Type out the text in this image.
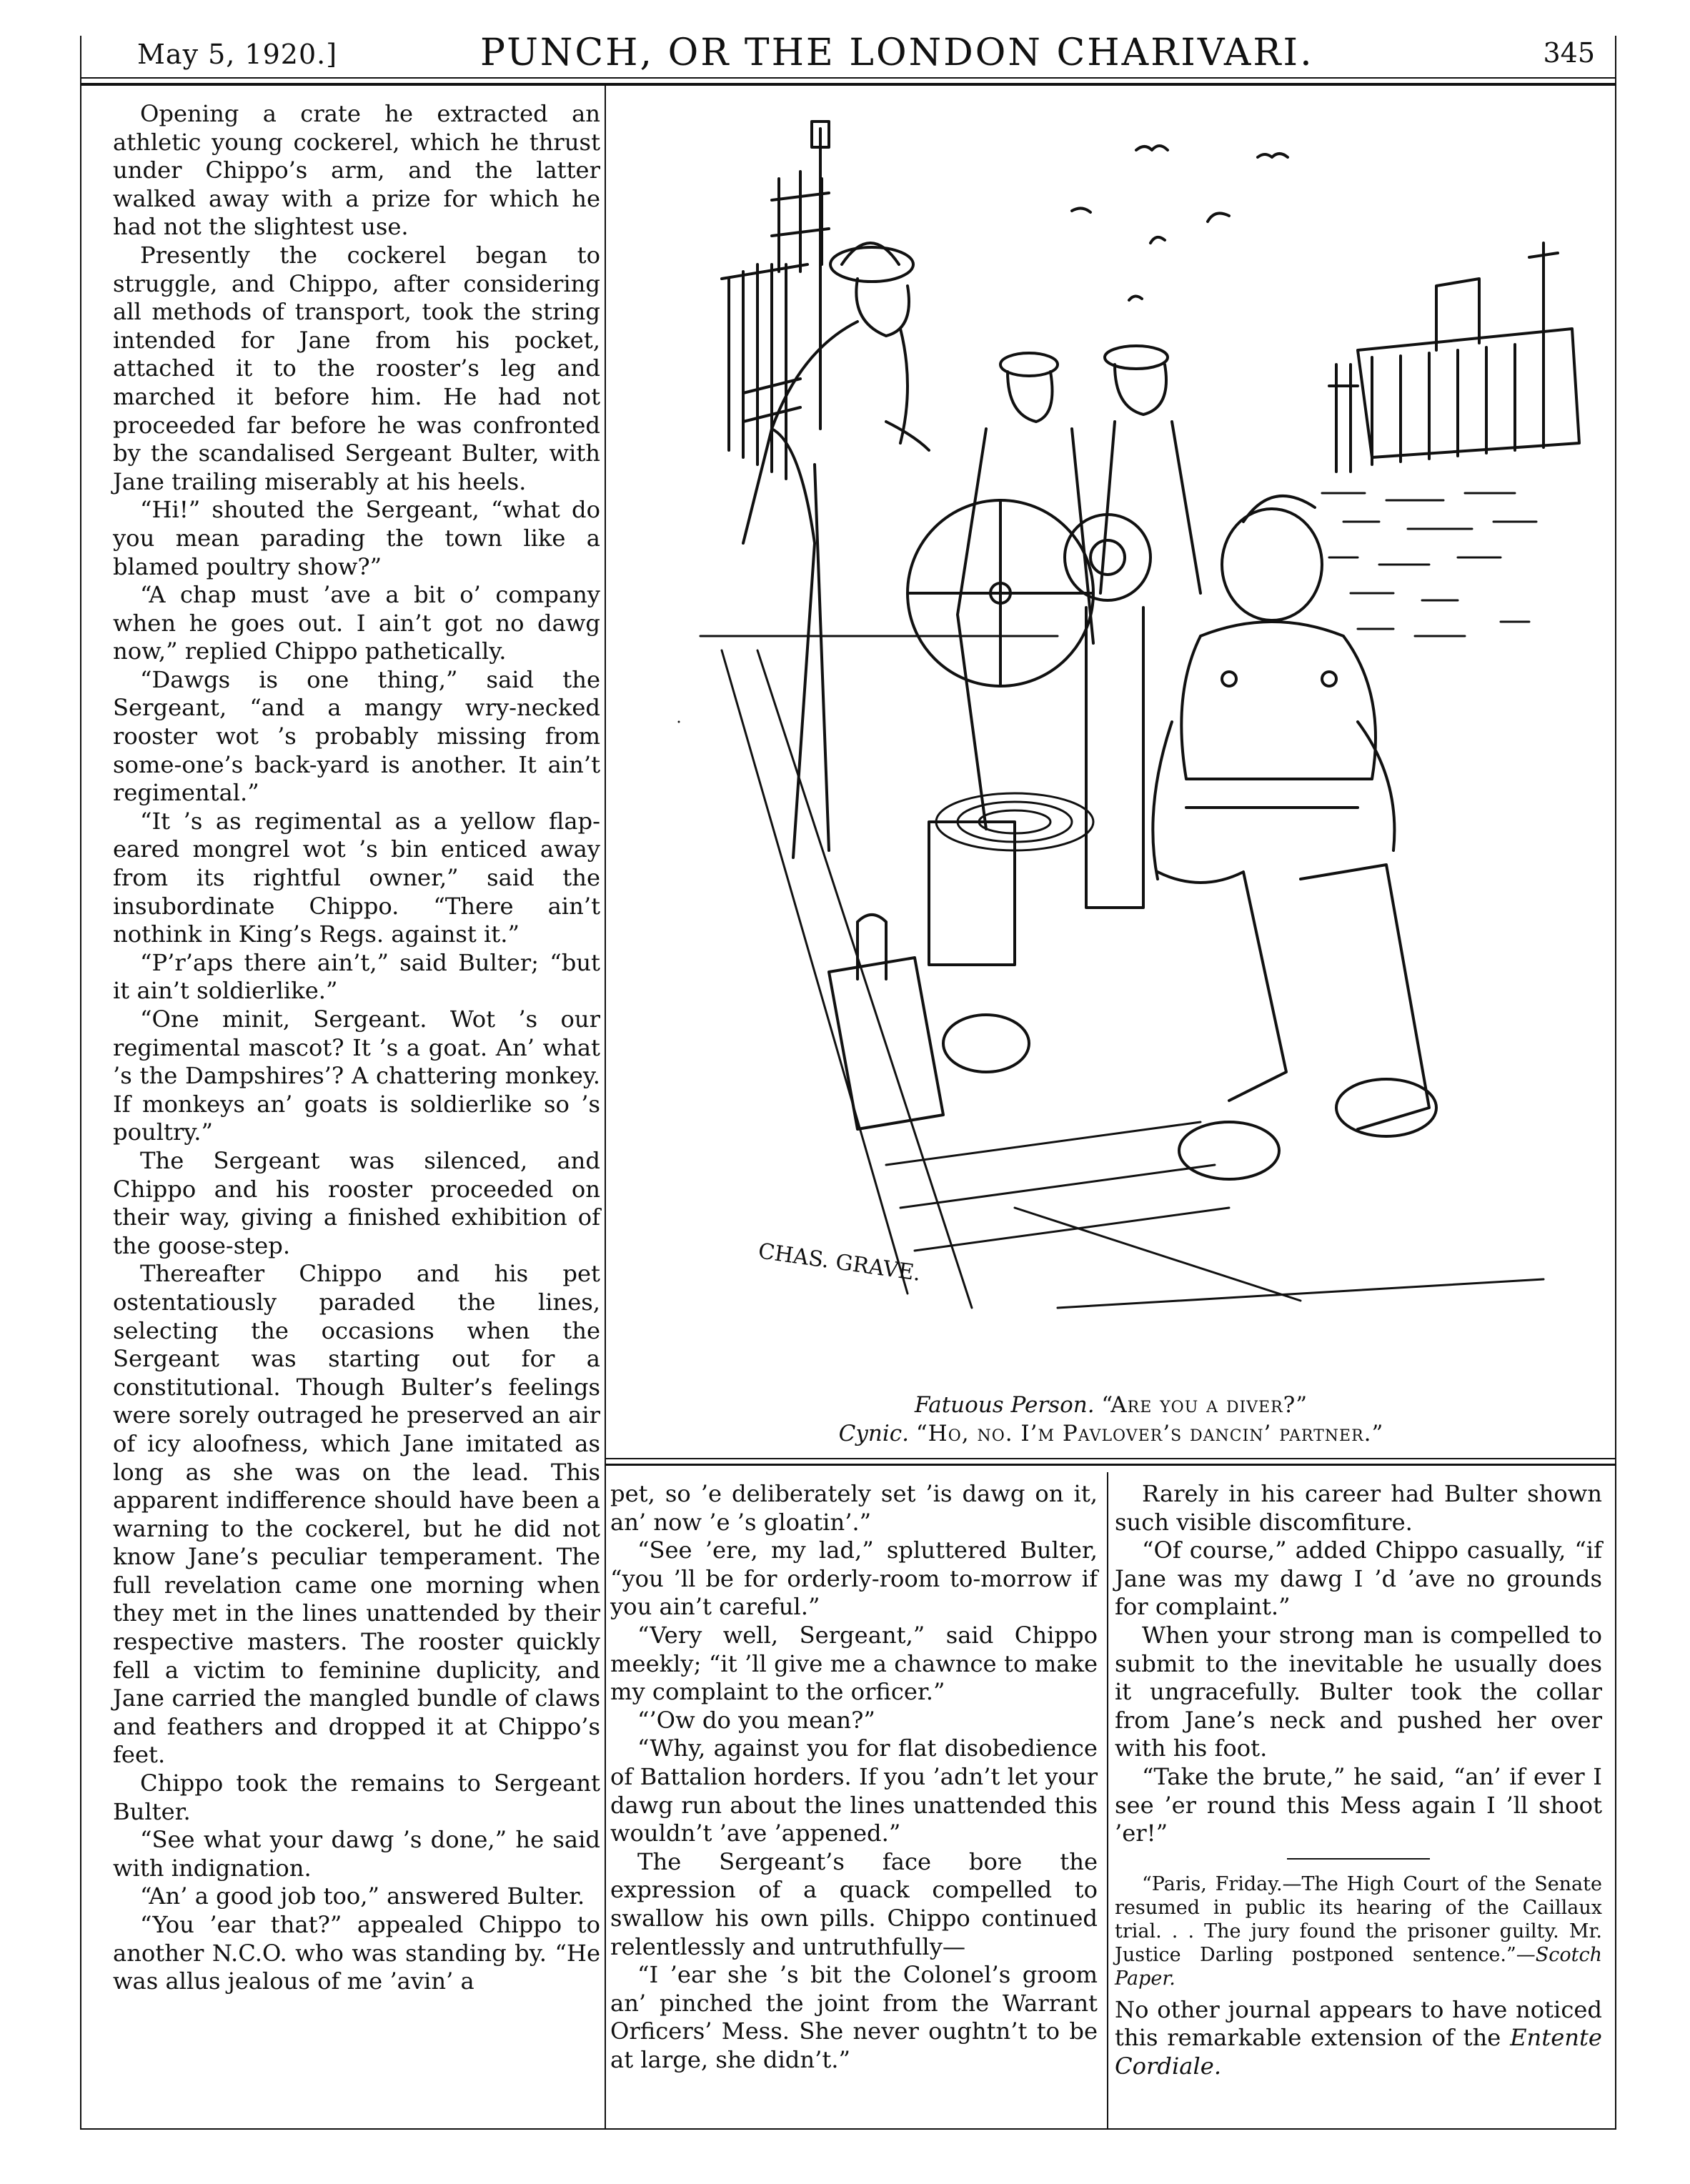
May 5, 1920.]	PUNCH, OR THE LONDON CHARIVARI.	345

Opening a crate he extracted an athletic young cockerel, which he thrust under Chippo’s arm, and the latter walked away with a prize for which he had not the slightest use.

Presently the cockerel began to struggle, and Chippo, after considering all methods of transport, took the string intended for Jane from his pocket, attached it to the rooster’s leg and marched it before him. He had not proceeded far before he was confronted by the scandalised Sergeant Bulter, with Jane trailing miserably at his heels.

“Hi!” shouted the Sergeant, “what do you mean parading the town like a blamed poultry show?”

“A chap must ’ave a bit o’ company when he goes out. I ain’t got no dawg now,” replied Chippo pathetically.

“Dawgs is one thing,” said the Sergeant, “and a mangy wry-necked rooster wot ’s probably missing from some-one’s back-yard is another. It ain’t regimental.”

“It ’s as regimental as a yellow flap-eared mongrel wot ’s bin enticed away from its rightful owner,” said the insubordinate Chippo. “There ain’t nothink in King’s Regs. against it.”

“P’r’aps there ain’t,” said Bulter; “but it ain’t soldierlike.”

“One minit, Sergeant. Wot ’s our regimental mascot? It ’s a goat. An’ what ’s the Dampshires’? A chattering monkey. If monkeys an’ goats is soldierlike so ’s poultry.”

The Sergeant was silenced, and Chippo and his rooster proceeded on their way, giving a finished exhibition of the goose-step.

Thereafter Chippo and his pet ostentatiously paraded the lines, selecting the occasions when the Sergeant was starting out for a constitutional. Though Bulter’s feelings were sorely outraged he preserved an air of icy aloofness, which Jane imitated as long as she was on the lead. This apparent indifference should have been a warning to the cockerel, but he did not know Jane’s peculiar temperament. The full revelation came one morning when they met in the lines unattended by their respective masters. The rooster quickly fell a victim to feminine duplicity, and Jane carried the mangled bundle of claws and feathers and dropped it at Chippo’s feet.

Chippo took the remains to Sergeant Bulter.

“See what your dawg ’s done,” he said with indignation.

“An’ a good job too,” answered Bulter.

“You ’ear that?” appealed Chippo to another N.C.O. who was standing by. “He was allus jealous of me ’avin’ a

CHAS. GRAVE.
Fatuous Person. “Are you a diver?”
Cynic. “Ho, no. I’m Pavlover’s dancin’ partner.”

pet, so ’e deliberately set ’is dawg on it, an’ now ’e ’s gloatin’.”

“See ’ere, my lad,” spluttered Bulter, “you ’ll be for orderly-room to-morrow if you ain’t careful.”

“Very well, Sergeant,” said Chippo meekly; “it ’ll give me a chawnce to make my complaint to the orficer.”

“’Ow do you mean?”

“Why, against you for flat disobedience of Battalion horders. If you ’adn’t let your dawg run about the lines unattended this wouldn’t ’ave ’appened.”

The Sergeant’s face bore the expression of a quack compelled to swallow his own pills. Chippo continued relentlessly and untruthfully—

“I ’ear she ’s bit the Colonel’s groom an’ pinched the joint from the Warrant Orficers’ Mess. She never oughtn’t to be at large, she didn’t.”

Rarely in his career had Bulter shown such visible discomfiture.

“Of course,” added Chippo casually, “if Jane was my dawg I ’d ’ave no grounds for complaint.”

When your strong man is compelled to submit to the inevitable he usually does it ungracefully. Bulter took the collar from Jane’s neck and pushed her over with his foot.

“Take the brute,” he said, “an’ if ever I see ’er round this Mess again I ’ll shoot ’er!”

“Paris, Friday.—The High Court of the Senate resumed in public its hearing of the Caillaux trial. . . The jury found the prisoner guilty. Mr. Justice Darling postponed sentence.”—Scotch Paper.

No other journal appears to have noticed this remarkable extension of the Entente Cordiale.
